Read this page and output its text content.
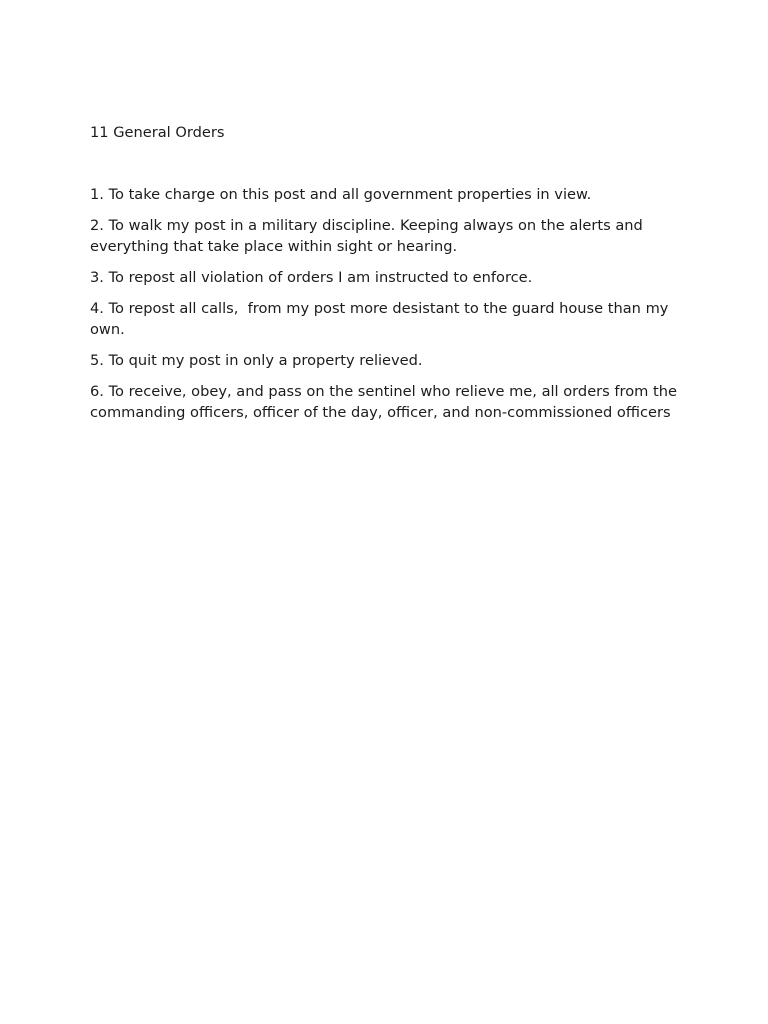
11 General Orders
1. To take charge on this post and all government properties in view.
2. To walk my post in a military discipline. Keeping always on the alerts and everything that take place within sight or hearing.
3. To repost all violation of orders I am instructed to enforce.
4. To repost all calls,  from my post more desistant to the guard house than my own.
5. To quit my post in only a property relieved.
6. To receive, obey, and pass on the sentinel who relieve me, all orders from the commanding officers, officer of the day, officer, and non-commissioned officers
